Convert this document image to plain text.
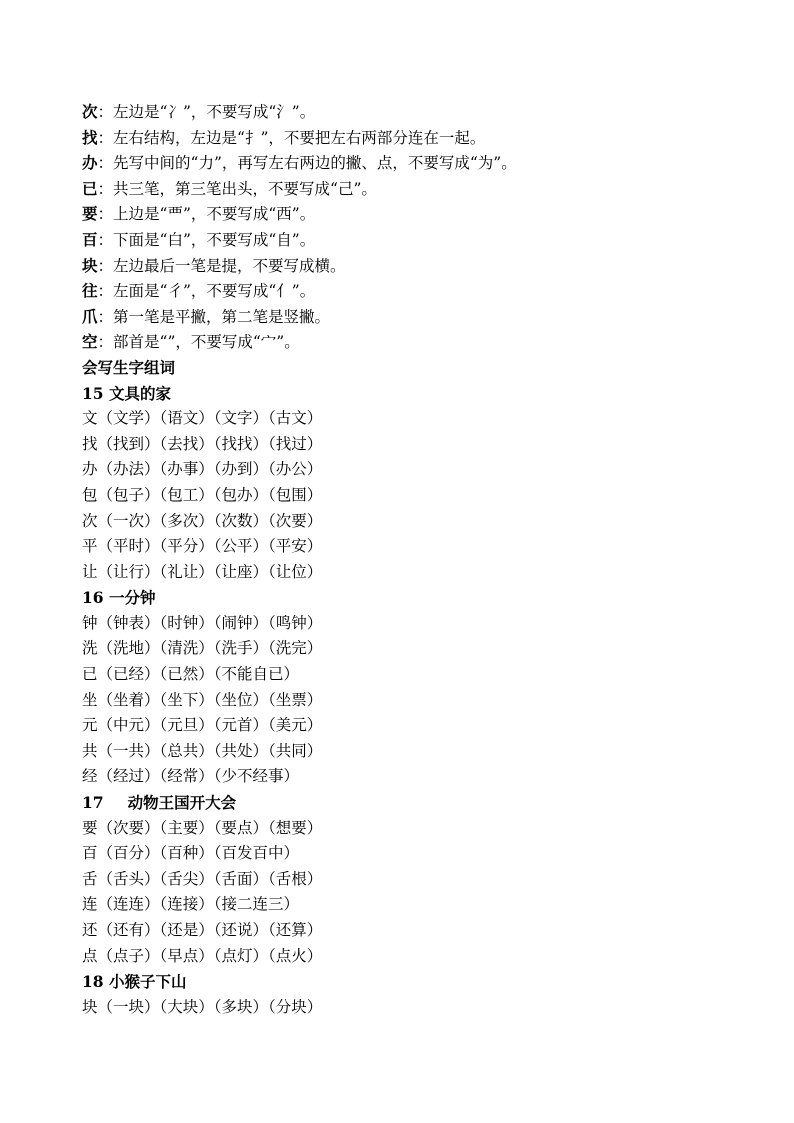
次：左边是“冫”，不要写成“氵”。
找：左右结构，左边是“扌”，不要把左右两部分连在一起。
办：先写中间的“力”，再写左右两边的撇、点，不要写成“为”。
已：共三笔，第三笔出头，不要写成“己”。
要：上边是“覀”，不要写成“西”。
百：下面是“白”，不要写成“自”。
块：左边最后一笔是提，不要写成横。
往：左面是“彳”，不要写成“亻”。
爪：第一笔是平撇，第二笔是竖撇。
空：部首是“”，不要写成“宀”。
会写生字组词
15 文具的家
文（文学）（语文）（文字）（古文）
找（找到）（去找）（找找）（找过）
办（办法）（办事）（办到）（办公）
包（包子）（包工）（包办）（包围）
次（一次）（多次）（次数）（次要）
平（平时）（平分）（公平）（平安）
让（让行）（礼让）（让座）（让位）
16 一分钟
钟（钟表）（时钟）（闹钟）（鸣钟）
洗（洗地）（清洗）（洗手）（洗完）
已（已经）（已然）（不能自已）
坐（坐着）（坐下）（坐位）（坐票）
元（中元）（元旦）（元首）（美元）
共（一共）（总共）（共处）（共同）
经（经过）（经常）（少不经事）
17 动物王国开大会
要（次要）（主要）（要点）（想要）
百（百分）（百种）（百发百中）
舌（舌头）（舌尖）（舌面）（舌根）
连（连连）（连接）（接二连三）
还（还有）（还是）（还说）（还算）
点（点子）（早点）（点灯）（点火）
18 小猴子下山
块（一块）（大块）（多块）（分块）
